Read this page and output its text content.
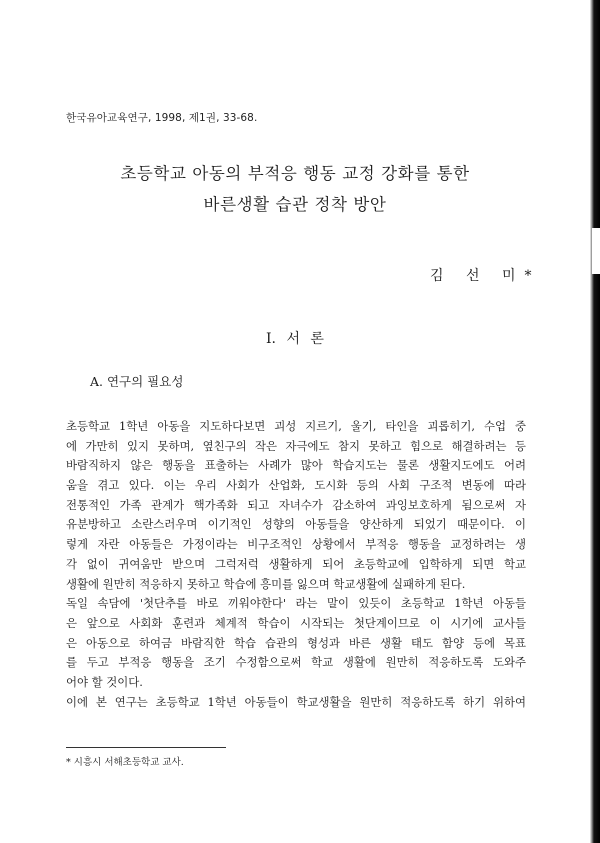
한국유아교육연구, 1998, 제1권, 33-68.
초등학교 아동의 부적응 행동 교정 강화를 통한
바른생활 습관 정착 방안
김 선 미*
I. 서 론
A. 연구의 필요성
초등학교 1학년 아동을 지도하다보면 괴성 지르기, 울기, 타인을 괴롭히기, 수업 중
에 가만히 있지 못하며, 옆친구의 작은 자극에도 참지 못하고 힘으로 해결하려는 등
바람직하지 않은 행동을 표출하는 사례가 많아 학습지도는 물론 생활지도에도 어려
움을 겪고 있다. 이는 우리 사회가 산업화, 도시화 등의 사회 구조적 변동에 따라
전통적인 가족 관계가 핵가족화 되고 자녀수가 감소하여 과잉보호하게 됨으로써 자
유분방하고 소란스러우며 이기적인 성향의 아동들을 양산하게 되었기 때문이다. 이
렇게 자란 아동들은 가정이라는 비구조적인 상황에서 부적응 행동을 교정하려는 생
각 없이 귀여움만 받으며 그럭저럭 생활하게 되어 초등학교에 입학하게 되면 학교
생활에 원만히 적응하지 못하고 학습에 흥미를 잃으며 학교생활에 실패하게 된다.
독일 속담에 '첫단추를 바로 끼워야한다' 라는 말이 있듯이 초등학교 1학년 아동들
은 앞으로 사회화 훈련과 체계적 학습이 시작되는 첫단계이므로 이 시기에 교사들
은 아동으로 하여금 바람직한 학습 습관의 형성과 바른 생활 태도 함양 등에 목표
를 두고 부적응 행동을 조기 수정함으로써 학교 생활에 원만히 적응하도록 도와주
어야 할 것이다.
이에 본 연구는 초등학교 1학년 아동들이 학교생활을 원만히 적응하도록 하기 위하여
* 시흥시 서해초등학교 교사.
